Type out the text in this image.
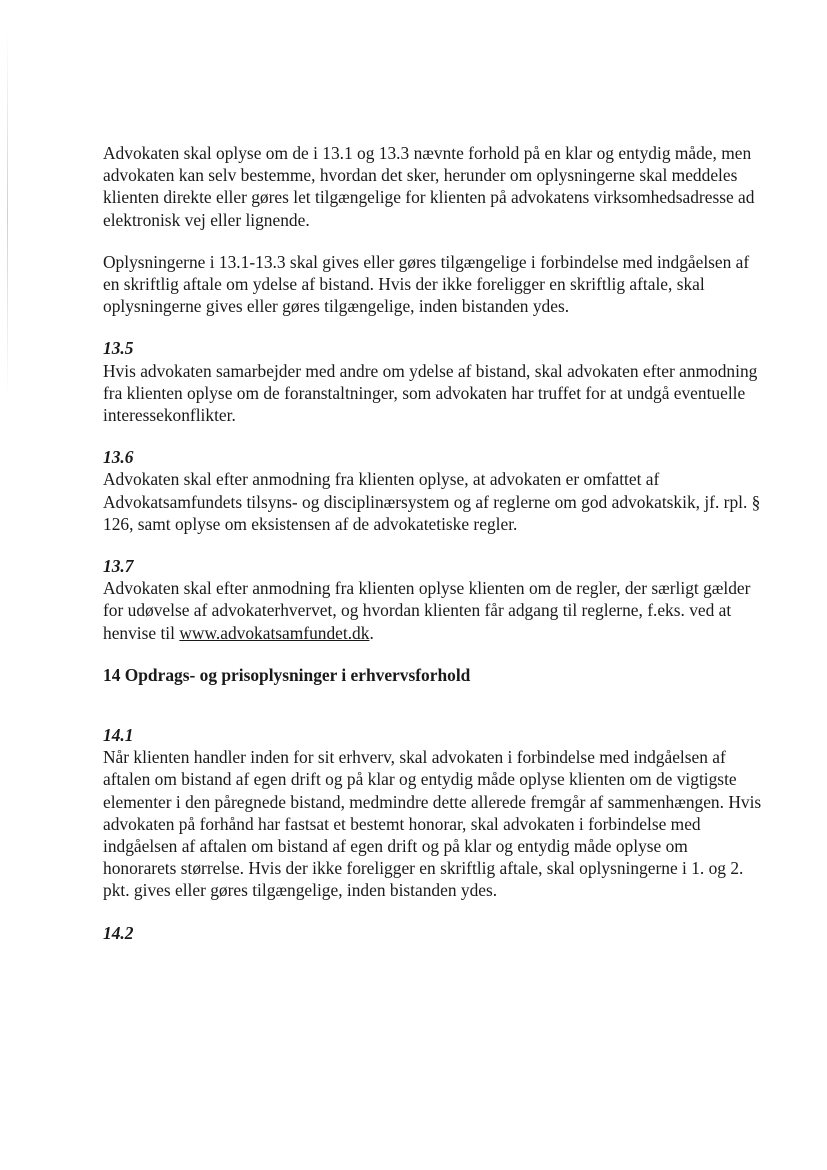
Advokaten skal oplyse om de i 13.1 og 13.3 nævnte forhold på en klar og entydig måde, men advokaten kan selv bestemme, hvordan det sker, herunder om oplysningerne skal meddeles klienten direkte eller gøres let tilgængelige for klienten på advokatens virksomhedsadresse ad elektronisk vej eller lignende.

Oplysningerne i 13.1-13.3 skal gives eller gøres tilgængelige i forbindelse med indgåelsen af en skriftlig aftale om ydelse af bistand. Hvis der ikke foreligger en skriftlig aftale, skal oplysningerne gives eller gøres tilgængelige, inden bistanden ydes.

13.5

Hvis advokaten samarbejder med andre om ydelse af bistand, skal advokaten efter anmodning fra klienten oplyse om de foranstaltninger, som advokaten har truffet for at undgå eventuelle interessekonflikter.

13.6

Advokaten skal efter anmodning fra klienten oplyse, at advokaten er omfattet af Advokatsamfundets tilsyns- og disciplinærsystem og af reglerne om god advokatskik, jf. rpl. § 126, samt oplyse om eksistensen af de advokatetiske regler.

13.7

Advokaten skal efter anmodning fra klienten oplyse klienten om de regler, der særligt gælder for udøvelse af advokaterhvervet, og hvordan klienten får adgang til reglerne, f.eks. ved at henvise til www.advokatsamfundet.dk.

14 Opdrags- og prisoplysninger i erhvervsforhold

14.1

Når klienten handler inden for sit erhverv, skal advokaten i forbindelse med indgåelsen af aftalen om bistand af egen drift og på klar og entydig måde oplyse klienten om de vigtigste elementer i den påregnede bistand, medmindre dette allerede fremgår af sammenhængen. Hvis advokaten på forhånd har fastsat et bestemt honorar, skal advokaten i forbindelse med indgåelsen af aftalen om bistand af egen drift og på klar og entydig måde oplyse om honorarets størrelse. Hvis der ikke foreligger en skriftlig aftale, skal oplysningerne i 1. og 2. pkt. gives eller gøres tilgængelige, inden bistanden ydes.

14.2
